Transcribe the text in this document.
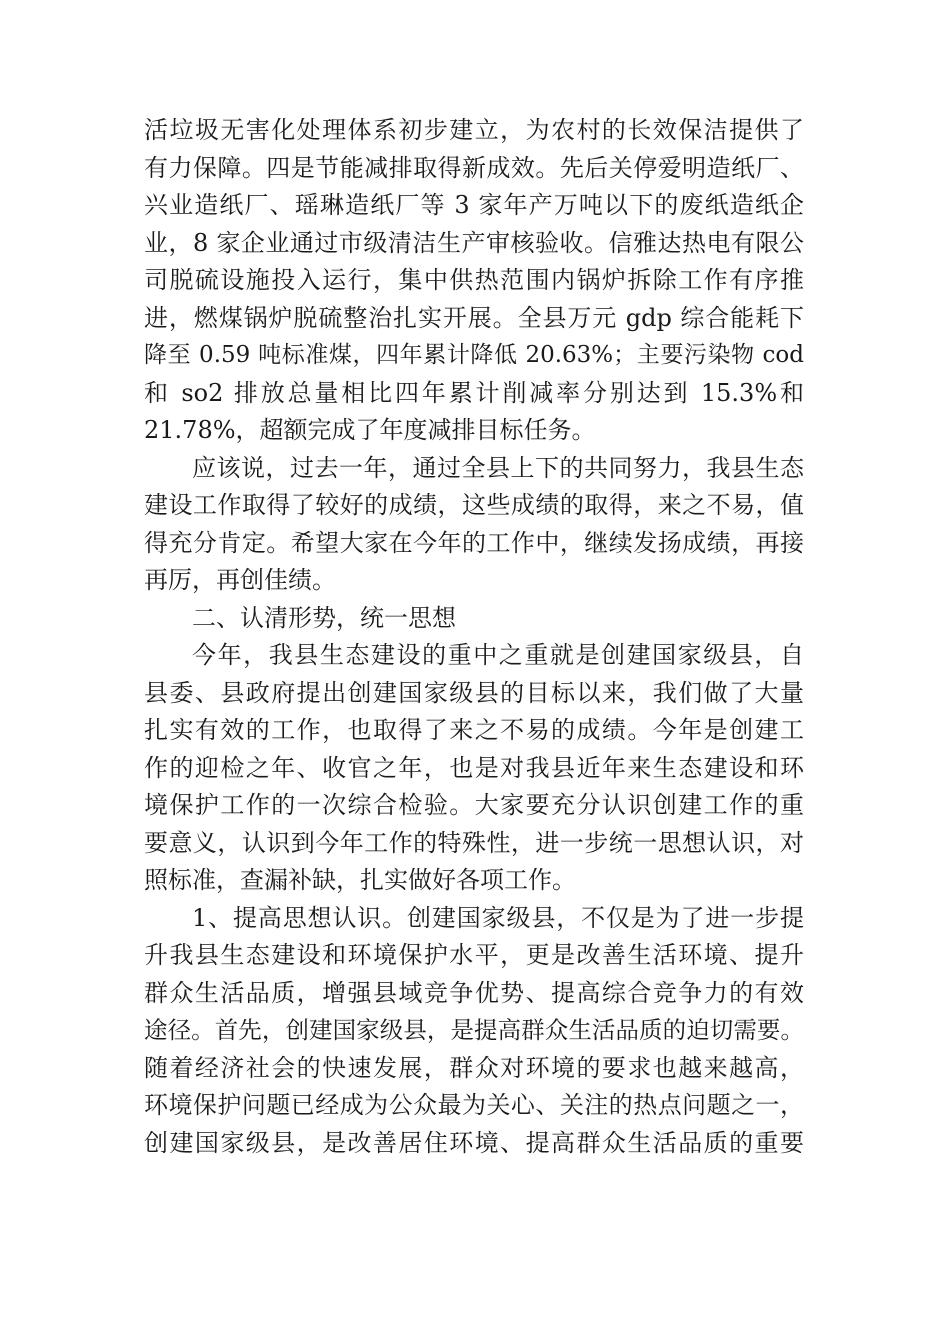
活垃圾无害化处理体系初步建立，为农村的长效保洁提供了
有力保障。四是节能减排取得新成效。先后关停爱明造纸厂、
兴业造纸厂、瑶琳造纸厂等 3 家年产万吨以下的废纸造纸企
业，8 家企业通过市级清洁生产审核验收。信雅达热电有限公
司脱硫设施投入运行，集中供热范围内锅炉拆除工作有序推
进，燃煤锅炉脱硫整治扎实开展。全县万元 gdp 综合能耗下
降至 0.59 吨标准煤，四年累计降低 20.63%；主要污染物 cod
和 so2 排放总量相比四年累计削减率分别达到 15.3%和
21.78%，超额完成了年度减排目标任务。
应该说，过去一年，通过全县上下的共同努力，我县生态
建设工作取得了较好的成绩，这些成绩的取得，来之不易，值
得充分肯定。希望大家在今年的工作中，继续发扬成绩，再接
再厉，再创佳绩。
二、认清形势，统一思想
今年，我县生态建设的重中之重就是创建国家级县，自
县委、县政府提出创建国家级县的目标以来，我们做了大量
扎实有效的工作，也取得了来之不易的成绩。今年是创建工
作的迎检之年、收官之年，也是对我县近年来生态建设和环
境保护工作的一次综合检验。大家要充分认识创建工作的重
要意义，认识到今年工作的特殊性，进一步统一思想认识，对
照标准，查漏补缺，扎实做好各项工作。
1、提高思想认识。创建国家级县，不仅是为了进一步提
升我县生态建设和环境保护水平，更是改善生活环境、提升
群众生活品质，增强县域竞争优势、提高综合竞争力的有效
途径。首先，创建国家级县，是提高群众生活品质的迫切需要。
随着经济社会的快速发展，群众对环境的要求也越来越高，
环境保护问题已经成为公众最为关心、关注的热点问题之一，
创建国家级县，是改善居住环境、提高群众生活品质的重要
